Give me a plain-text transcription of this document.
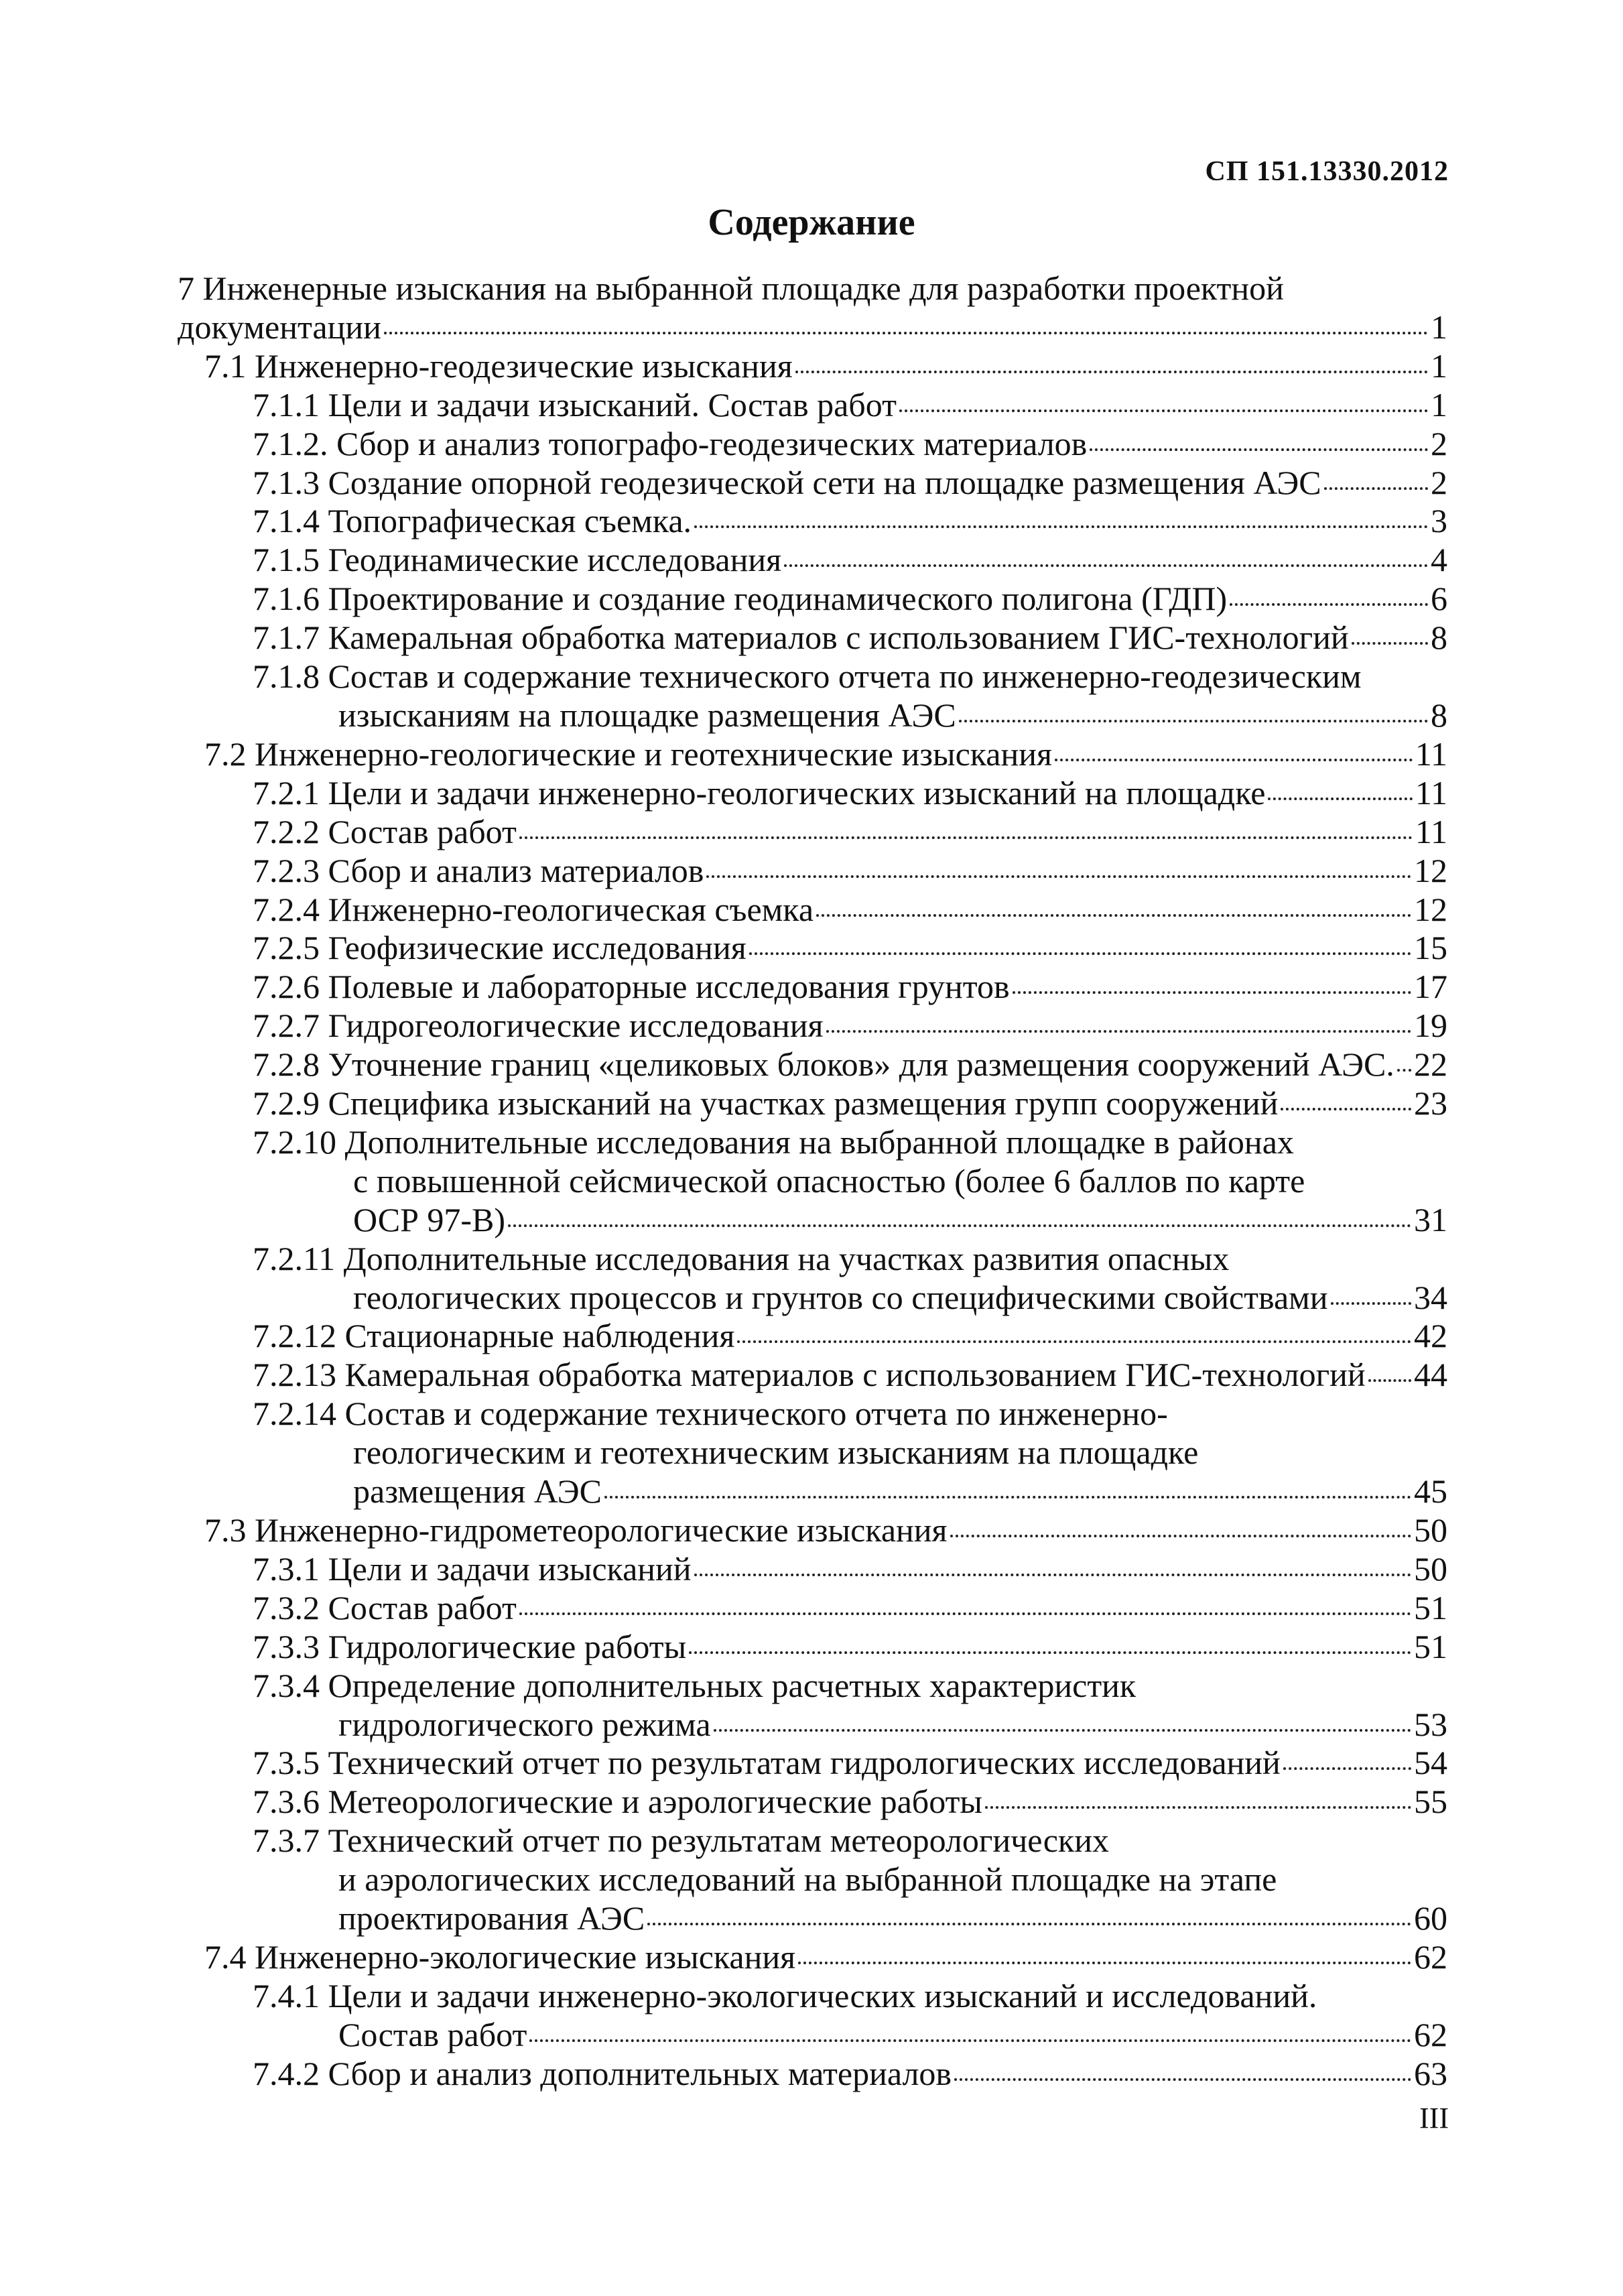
СП 151.13330.2012
Содержание
7 Инженерные изыскания на выбранной площадке для разработки проектной
документации	1
7.1 Инженерно-геодезические изыскания	1
7.1.1 Цели и задачи изысканий. Состав работ	1
7.1.2. Сбор и анализ топографо-геодезических материалов	2
7.1.3 Создание опорной геодезической сети на площадке размещения АЭС	2
7.1.4 Топографическая съемка.	3
7.1.5 Геодинамические исследования	4
7.1.6 Проектирование и создание геодинамического полигона (ГДП)	6
7.1.7 Камеральная обработка материалов с использованием ГИС-технологий 8
7.1.8 Состав и содержание технического отчета по инженерно-геодезическим
изысканиям на площадке размещения АЭС	8
7.2 Инженерно-геологические и геотехнические изыскания	11
7.2.1 Цели и задачи инженерно-геологических изысканий на площадке	11
7.2.2 Состав работ	11
7.2.3 Сбор и анализ материалов	12
7.2.4 Инженерно-геологическая съемка	12
7.2.5 Геофизические исследования	15
7.2.6 Полевые и лабораторные исследования грунтов	17
7.2.7 Гидрогеологические исследования	19
7.2.8 Уточнение границ «целиковых блоков» для размещения сооружений АЭС. 22
7.2.9 Специфика изысканий на участках размещения групп сооружений	23
7.2.10 Дополнительные исследования на выбранной площадке в районах
с повышенной сейсмической опасностью (более 6 баллов по карте
ОСР 97-В)	31
7.2.11 Дополнительные исследования на участках развития опасных
геологических процессов и грунтов со специфическими свойствами	34
7.2.12 Стационарные наблюдения	42
7.2.13 Камеральная обработка материалов с использованием ГИС-технологий 44
7.2.14 Состав и содержание технического отчета по инженерно-
геологическим и геотехническим изысканиям на площадке
размещения АЭС	45
7.3 Инженерно-гидрометеорологические изыскания	50
7.3.1 Цели и задачи изысканий	50
7.3.2 Состав работ	51
7.3.3 Гидрологические работы	51
7.3.4 Определение дополнительных расчетных характеристик
гидрологического режима	53
7.3.5 Технический отчет по результатам гидрологических исследований	54
7.3.6 Метеорологические и аэрологические работы	55
7.3.7 Технический отчет по результатам метеорологических
и аэрологических исследований на выбранной площадке на этапе
проектирования АЭС	60
7.4 Инженерно-экологические изыскания	62
7.4.1 Цели и задачи инженерно-экологических изысканий и исследований.
Состав работ	62
7.4.2 Сбор и анализ дополнительных материалов	63
III
